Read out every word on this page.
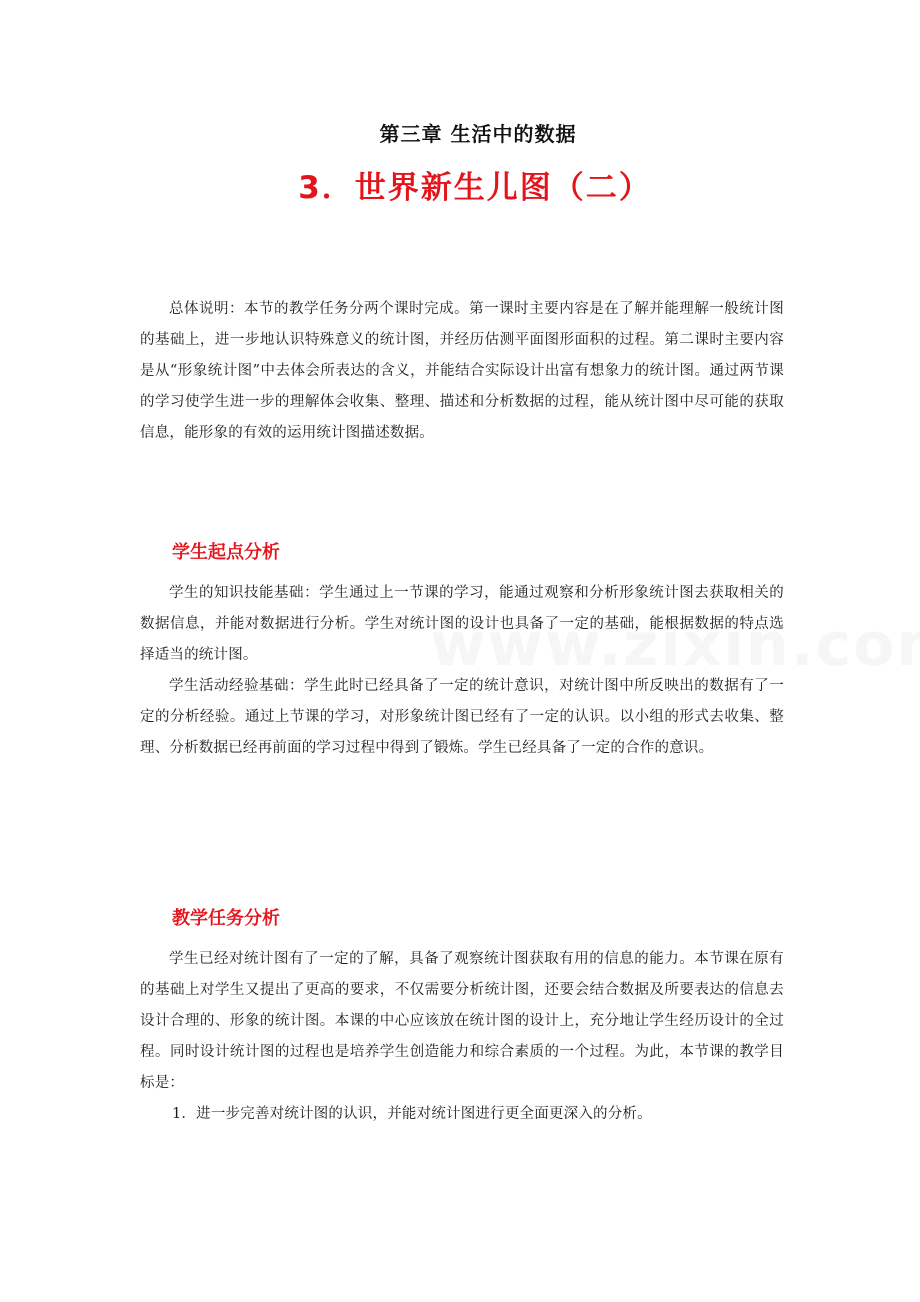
第三章 生活中的数据
3．世界新生儿图（二）

总体说明：本节的教学任务分两个课时完成。第一课时主要内容是在了解并能理解一般统计图的基础上，进一步地认识特殊意义的统计图，并经历估测平面图形面积的过程。第二课时主要内容是从“形象统计图”中去体会所表达的含义，并能结合实际设计出富有想象力的统计图。通过两节课的学习使学生进一步的理解体会收集、整理、描述和分析数据的过程，能从统计图中尽可能的获取信息，能形象的有效的运用统计图描述数据。

学生起点分析

学生的知识技能基础：学生通过上一节课的学习，能通过观察和分析形象统计图去获取相关的数据信息，并能对数据进行分析。学生对统计图的设计也具备了一定的基础，能根据数据的特点选择适当的统计图。

学生活动经验基础：学生此时已经具备了一定的统计意识，对统计图中所反映出的数据有了一定的分析经验。通过上节课的学习，对形象统计图已经有了一定的认识。以小组的形式去收集、整理、分析数据已经再前面的学习过程中得到了锻炼。学生已经具备了一定的合作的意识。

教学任务分析

学生已经对统计图有了一定的了解，具备了观察统计图获取有用的信息的能力。本节课在原有的基础上对学生又提出了更高的要求，不仅需要分析统计图，还要会结合数据及所要表达的信息去设计合理的、形象的统计图。本课的中心应该放在统计图的设计上，充分地让学生经历设计的全过程。同时设计统计图的过程也是培养学生创造能力和综合素质的一个过程。为此，本节课的教学目标是：

1．进一步完善对统计图的认识，并能对统计图进行更全面更深入的分析。
